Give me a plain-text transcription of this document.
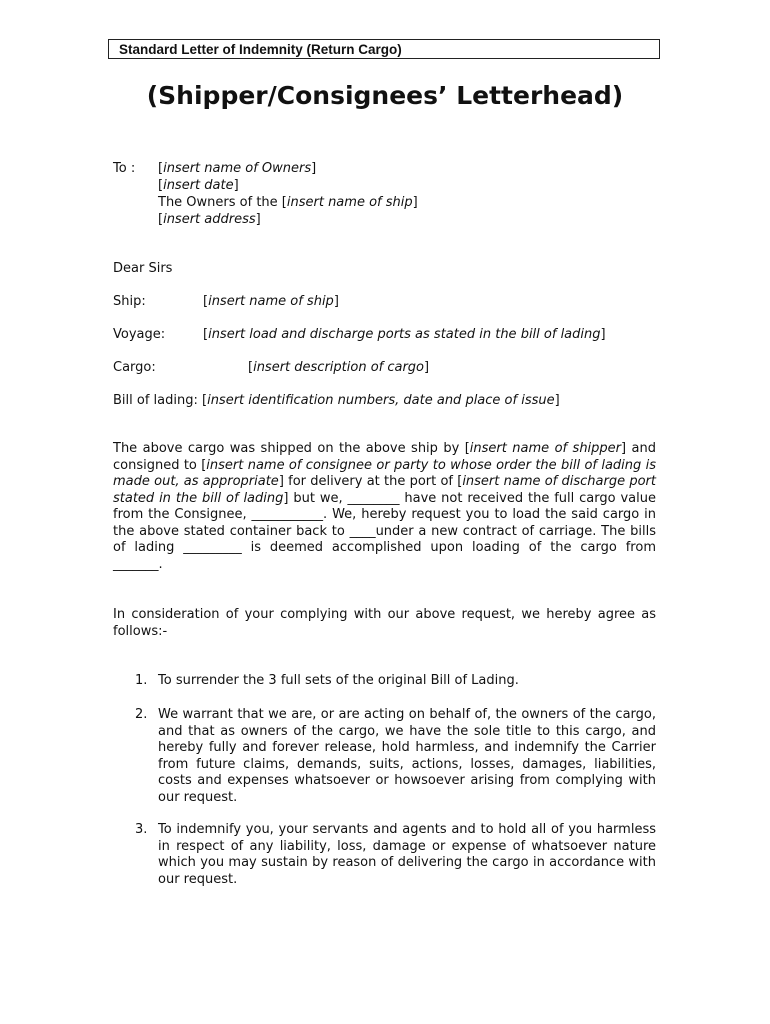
Standard Letter of Indemnity (Return Cargo)
(Shipper/Consignees’ Letterhead)
To : [insert name of Owners]
[insert date]
The Owners of the [insert name of ship]
[insert address]
Dear Sirs
Ship:	[insert name of ship]
Voyage:	[insert load and discharge ports as stated in the bill of lading]
Cargo:	[insert description of cargo]
Bill of lading: [insert identification numbers, date and place of issue]
The above cargo was shipped on the above ship by [insert name of shipper] and consigned to [insert name of consignee or party to whose order the bill of lading is made out, as appropriate] for delivery at the port of [insert name of discharge port stated in the bill of lading] but we, ________ have not received the full cargo value from the Consignee, ___________. We, hereby request you to load the said cargo in the above stated container back to ____under a new contract of carriage. The bills of lading _________ is deemed accomplished upon loading of the cargo from _______.
In consideration of your complying with our above request, we hereby agree as follows:-
1. To surrender the 3 full sets of the original Bill of Lading.
2. We warrant that we are, or are acting on behalf of, the owners of the cargo, and that as owners of the cargo, we have the sole title to this cargo, and hereby fully and forever release, hold harmless, and indemnify the Carrier from future claims, demands, suits, actions, losses, damages, liabilities, costs and expenses whatsoever or howsoever arising from complying with our request.
3. To indemnify you, your servants and agents and to hold all of you harmless in respect of any liability, loss, damage or expense of whatsoever nature which you may sustain by reason of delivering the cargo in accordance with our request.
